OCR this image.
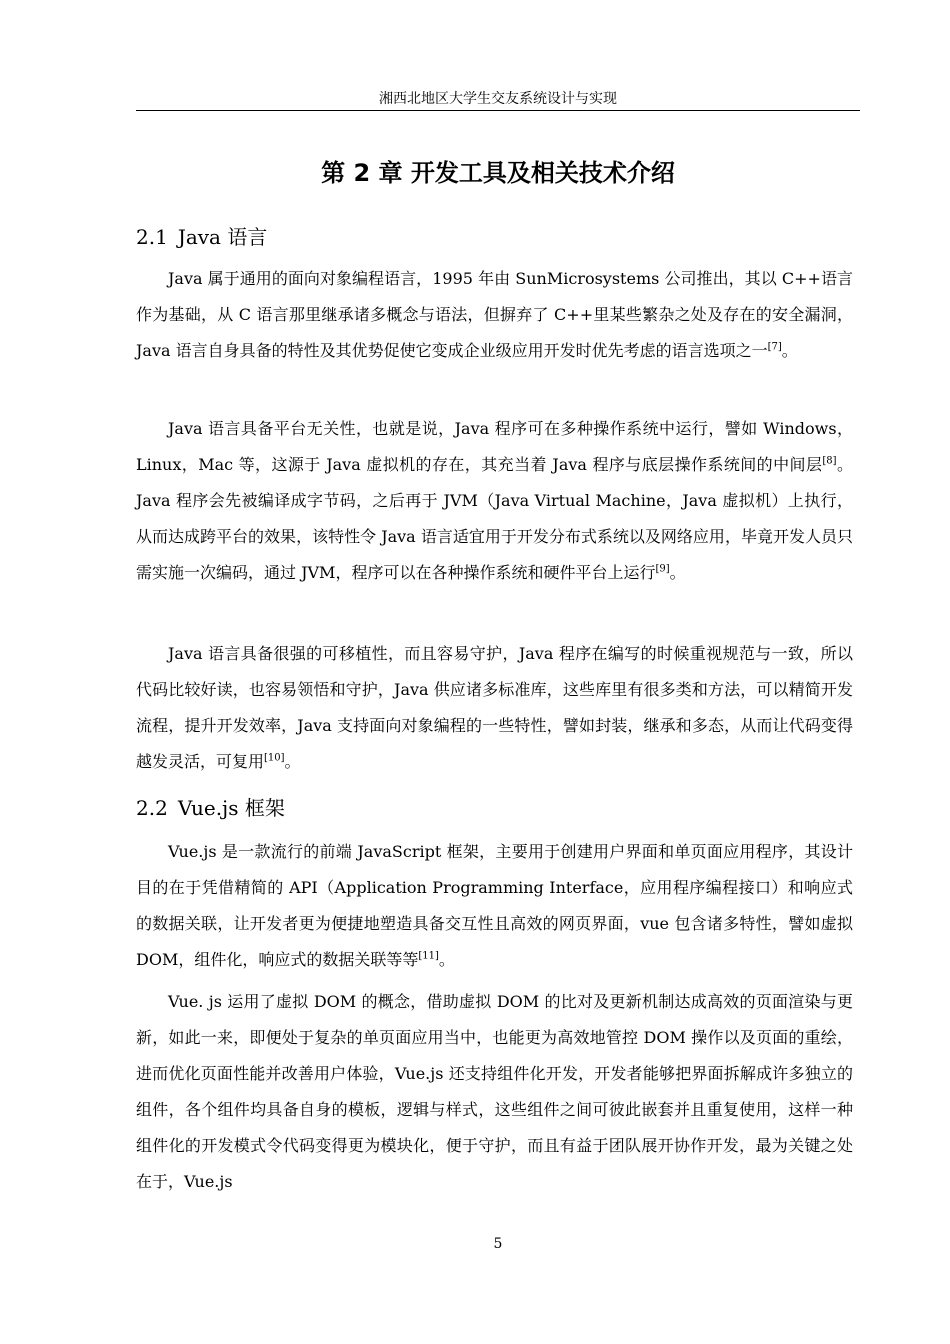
湘西北地区大学生交友系统设计与实现
第 2 章 开发工具及相关技术介绍
2.1 Java 语言

Java 属于通用的面向对象编程语言，1995 年由 SunMicrosystems 公司推出，其以 C++语言作为基础，从 C 语言那里继承诸多概念与语法，但摒弃了 C++里某些繁杂之处及存在的安全漏洞，Java 语言自身具备的特性及其优势促使它变成企业级应用开发时优先考虑的语言选项之一[7]。

Java 语言具备平台无关性，也就是说，Java 程序可在多种操作系统中运行，譬如 Windows，Linux，Mac 等，这源于 Java 虚拟机的存在，其充当着 Java 程序与底层操作系统间的中间层[8]。Java 程序会先被编译成字节码，之后再于 JVM（Java Virtual Machine，Java 虚拟机）上执行，从而达成跨平台的效果，该特性令 Java 语言适宜用于开发分布式系统以及网络应用，毕竟开发人员只需实施一次编码，通过 JVM，程序可以在各种操作系统和硬件平台上运行[9]。

Java 语言具备很强的可移植性，而且容易守护，Java 程序在编写的时候重视规范与一致，所以代码比较好读，也容易领悟和守护，Java 供应诸多标准库，这些库里有很多类和方法，可以精简开发流程，提升开发效率，Java 支持面向对象编程的一些特性，譬如封装，继承和多态，从而让代码变得越发灵活，可复用[10]。

2.2 Vue.js 框架

Vue.js 是一款流行的前端 JavaScript 框架，主要用于创建用户界面和单页面应用程序，其设计目的在于凭借精简的 API（Application Programming Interface，应用程序编程接口）和响应式的数据关联，让开发者更为便捷地塑造具备交互性且高效的网页界面，vue 包含诸多特性，譬如虚拟 DOM，组件化，响应式的数据关联等等[11]。

Vue. js 运用了虚拟 DOM 的概念，借助虚拟 DOM 的比对及更新机制达成高效的页面渲染与更新，如此一来，即便处于复杂的单页面应用当中，也能更为高效地管控 DOM 操作以及页面的重绘，进而优化页面性能并改善用户体验，Vue.js 还支持组件化开发，开发者能够把界面拆解成许多独立的组件，各个组件均具备自身的模板，逻辑与样式，这些组件之间可彼此嵌套并且重复使用，这样一种组件化的开发模式令代码变得更为模块化，便于守护，而且有益于团队展开协作开发，最为关键之处在于，Vue.js

5
